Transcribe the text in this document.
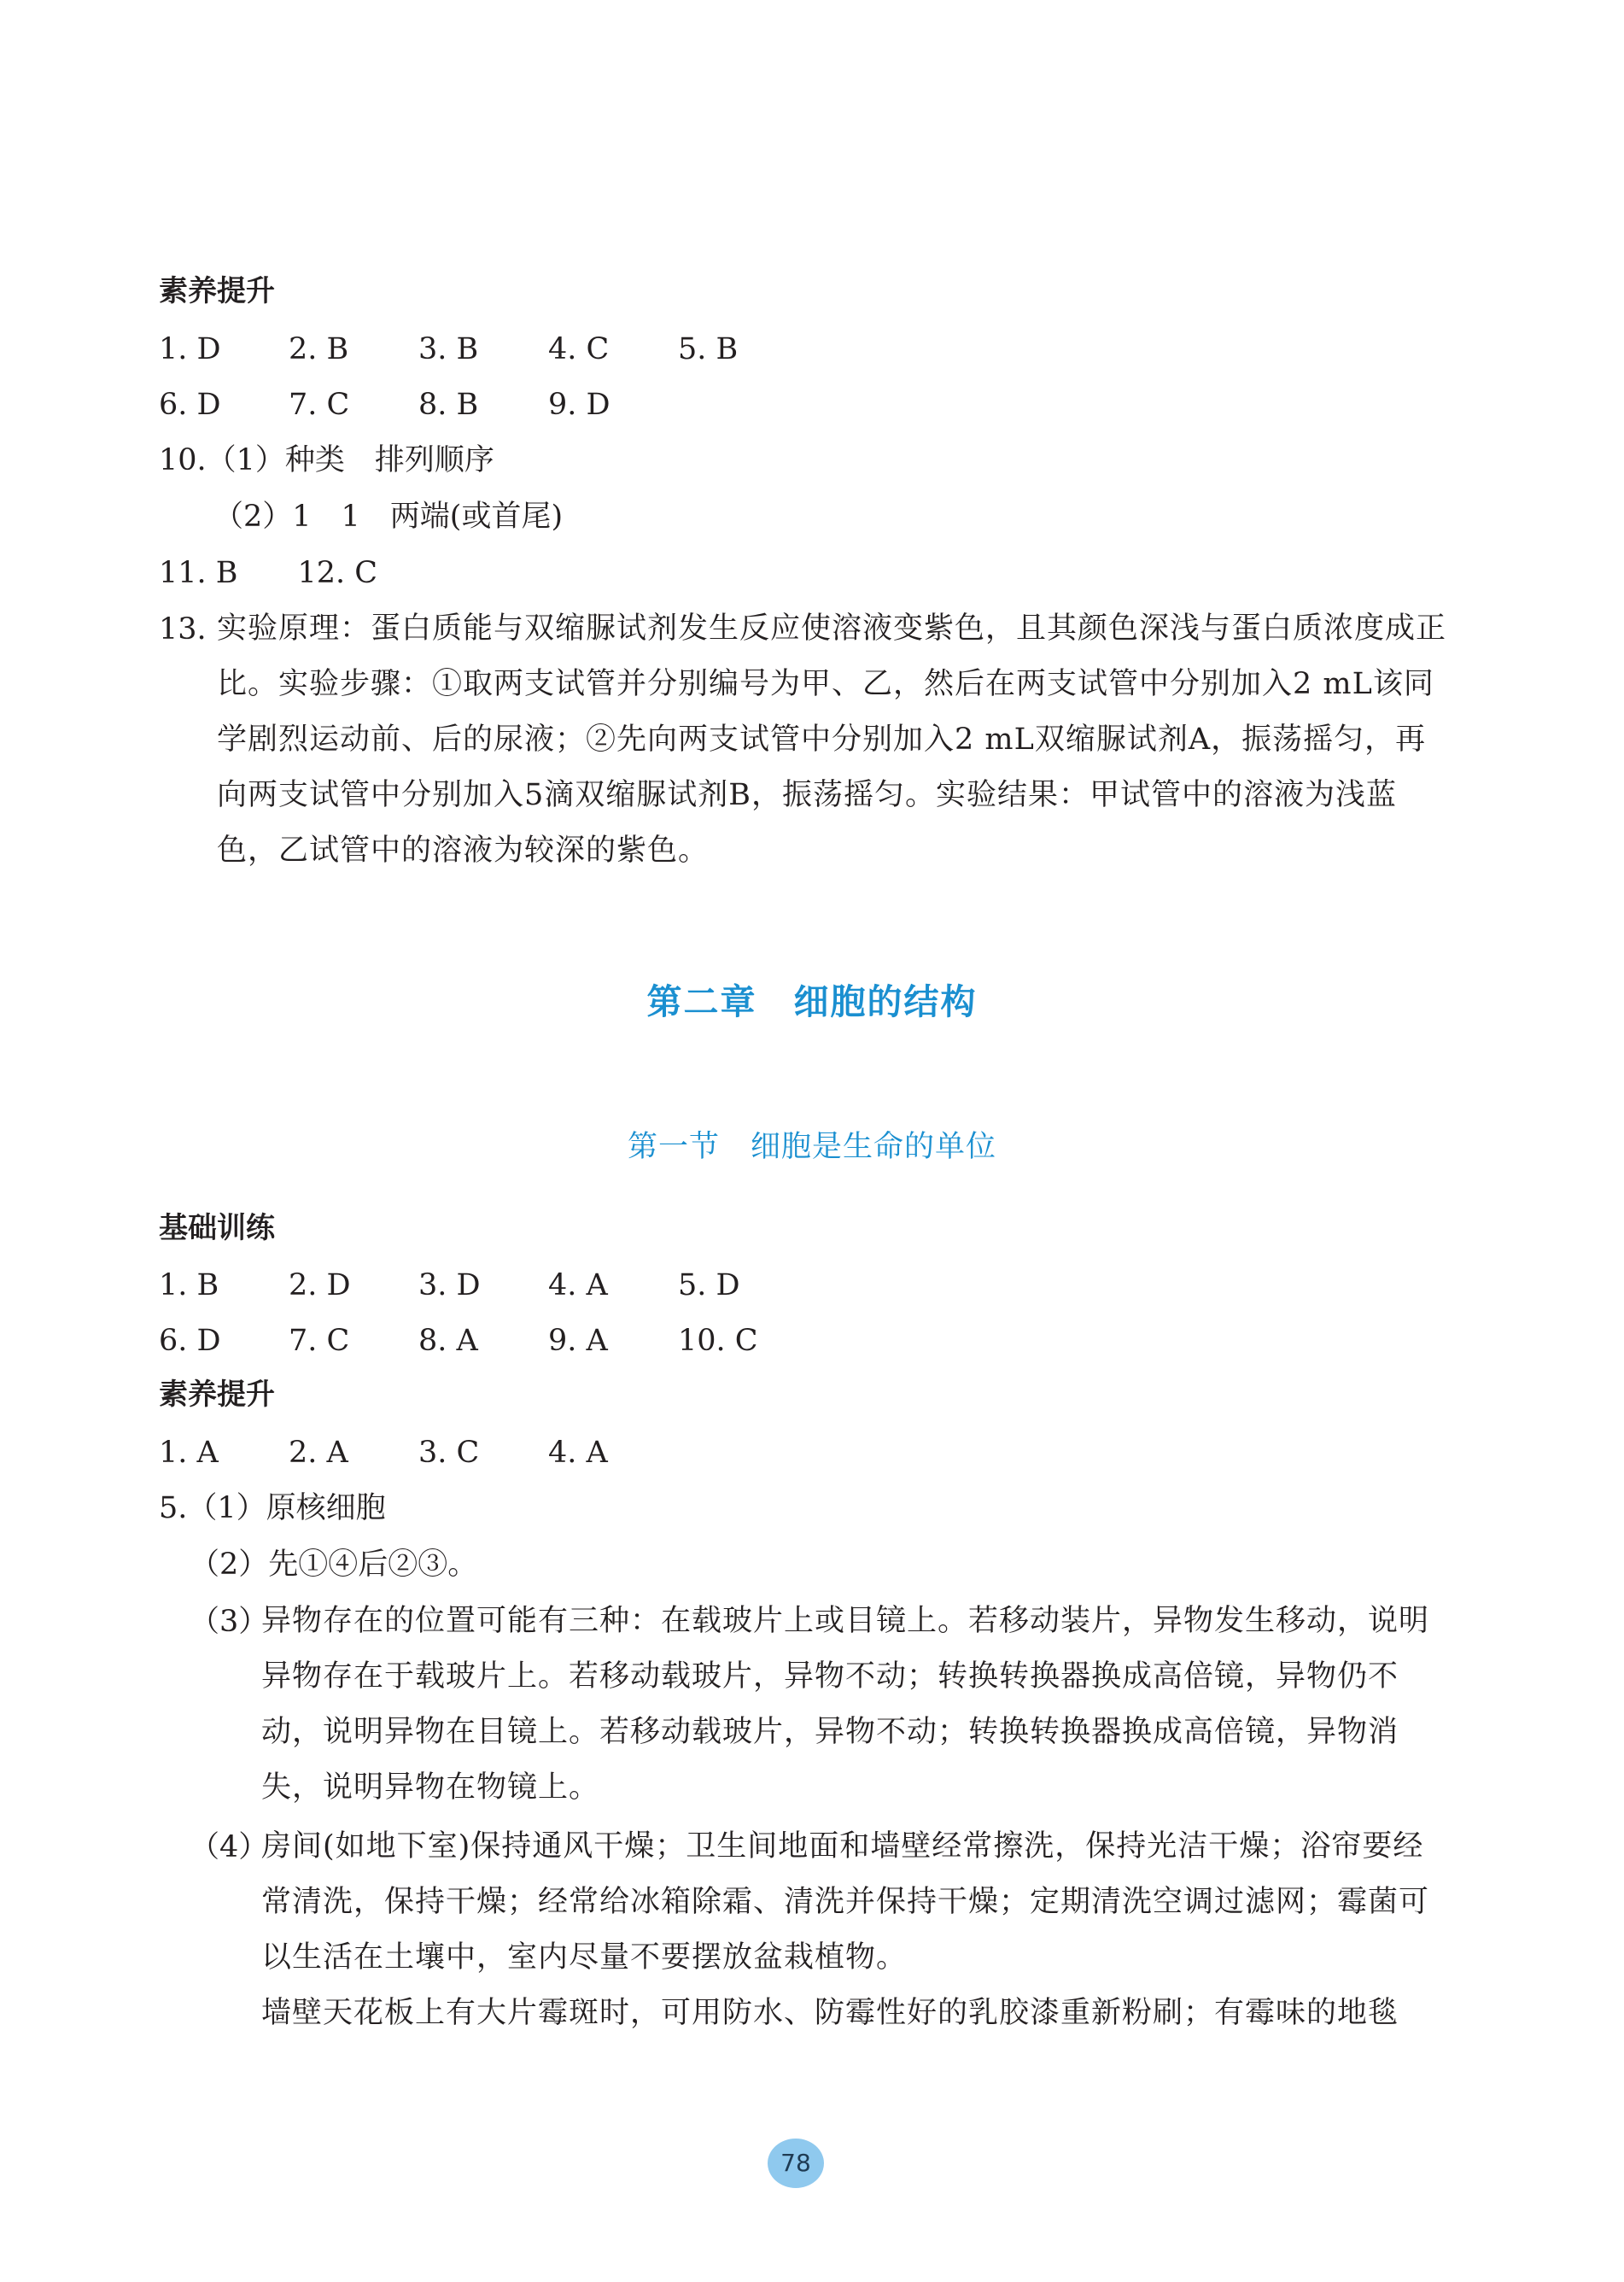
素养提升
1. D 2. B 3. B 4. C 5. B
6. D 7. C 8. B 9. D
10.（1）种类　排列顺序
（2）1　1　两端(或首尾)
11. B　　12. C
13. 实验原理：蛋白质能与双缩脲试剂发生反应使溶液变紫色，且其颜色深浅与蛋白质浓度成正比。实验步骤：①取两支试管并分别编号为甲、乙，然后在两支试管中分别加入2 mL该同学剧烈运动前、后的尿液；②先向两支试管中分别加入2 mL双缩脲试剂A，振荡摇匀，再向两支试管中分别加入5滴双缩脲试剂B，振荡摇匀。实验结果：甲试管中的溶液为浅蓝色，乙试管中的溶液为较深的紫色。
第二章　细胞的结构
第一节　细胞是生命的单位
基础训练
1. B 2. D 3. D 4. A 5. D
6. D 7. C 8. A 9. A 10. C
素养提升
1. A 2. A 3. C 4. A
5.（1）原核细胞
（2）先①④后②③。
（3）
异物存在的位置可能有三种：在载玻片上或目镜上。若移动装片，异物发生移动，说明异物存在于载玻片上。若移动载玻片，异物不动；转换转换器换成高倍镜，异物仍不动，说明异物在目镜上。若移动载玻片，异物不动；转换转换器换成高倍镜，异物消失，说明异物在物镜上。
（4）
房间(如地下室)保持通风干燥；卫生间地面和墙壁经常擦洗，保持光洁干燥；浴帘要经常清洗，保持干燥；经常给冰箱除霜、清洗并保持干燥；定期清洗空调过滤网；霉菌可以生活在土壤中，室内尽量不要摆放盆栽植物。
墙壁天花板上有大片霉斑时，可用防水、防霉性好的乳胶漆重新粉刷；有霉味的地毯
78
